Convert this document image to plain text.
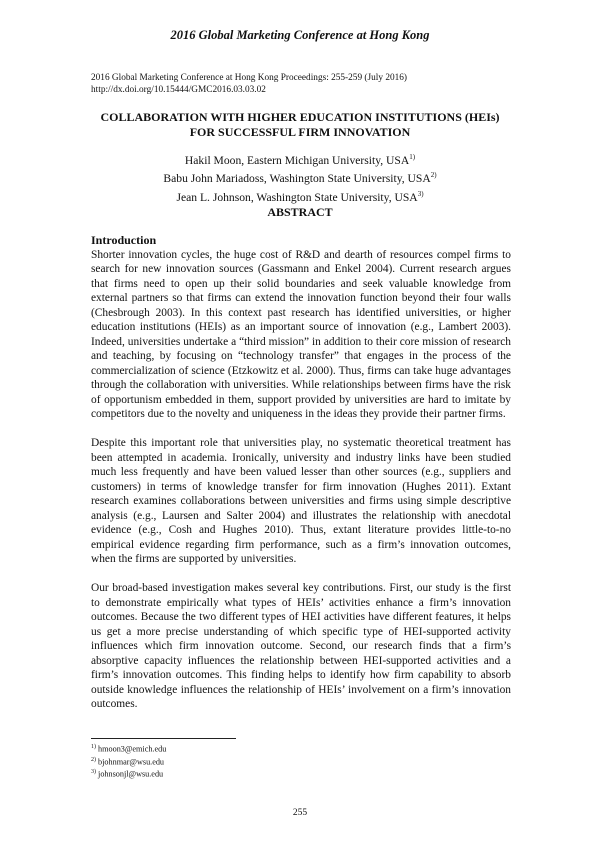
2016 Global Marketing Conference at Hong Kong
2016 Global Marketing Conference at Hong Kong Proceedings: 255-259 (July 2016)
http://dx.doi.org/10.15444/GMC2016.03.03.02
COLLABORATION WITH HIGHER EDUCATION INSTITUTIONS (HEIs)
FOR SUCCESSFUL FIRM INNOVATION
Hakil Moon, Eastern Michigan University, USA$^{1)}$
Babu John Mariadoss, Washington State University, USA$^{2)}$
Jean L. Johnson, Washington State University, USA$^{3)}$
ABSTRACT
Introduction

Shorter innovation cycles, the huge cost of R&D and dearth of resources compel firms to search for new innovation sources (Gassmann and Enkel 2004). Current research argues that firms need to open up their solid boundaries and seek valuable knowledge from external partners so that firms can extend the innovation function beyond their four walls (Chesbrough 2003). In this context past research has identified universities, or higher education institutions (HEIs) as an important source of innovation (e.g., Lambert 2003). Indeed, universities undertake a “third mission” in addition to their core mission of research and teaching, by focusing on “technology transfer” that engages in the process of the commercialization of science (Etzkowitz et al. 2000). Thus, firms can take huge advantages through the collaboration with universities. While relationships between firms have the risk of opportunism embedded in them, support provided by universities are hard to imitate by competitors due to the novelty and uniqueness in the ideas they provide their partner firms.

Despite this important role that universities play, no systematic theoretical treatment has been attempted in academia. Ironically, university and industry links have been studied much less frequently and have been valued lesser than other sources (e.g., suppliers and customers) in terms of knowledge transfer for firm innovation (Hughes 2011). Extant research examines collaborations between universities and firms using simple descriptive analysis (e.g., Laursen and Salter 2004) and illustrates the relationship with anecdotal evidence (e.g., Cosh and Hughes 2010). Thus, extant literature provides little-to-no empirical evidence regarding firm performance, such as a firm’s innovation outcomes, when the firms are supported by universities.

Our broad-based investigation makes several key contributions. First, our study is the first to demonstrate empirically what types of HEIs’ activities enhance a firm’s innovation outcomes. Because the two different types of HEI activities have different features, it helps us get a more precise understanding of which specific type of HEI-supported activity influences which firm innovation outcome. Second, our research finds that a firm’s absorptive capacity influences the relationship between HEI-supported activities and a firm’s innovation outcomes. This finding helps to identify how firm capability to absorb outside knowledge influences the relationship of HEIs’ involvement on a firm’s innovation outcomes.

$^{1)}$ hmoon3@emich.edu
$^{2)}$ bjohnmar@wsu.edu
$^{3)}$ johnsonjl@wsu.edu
255
